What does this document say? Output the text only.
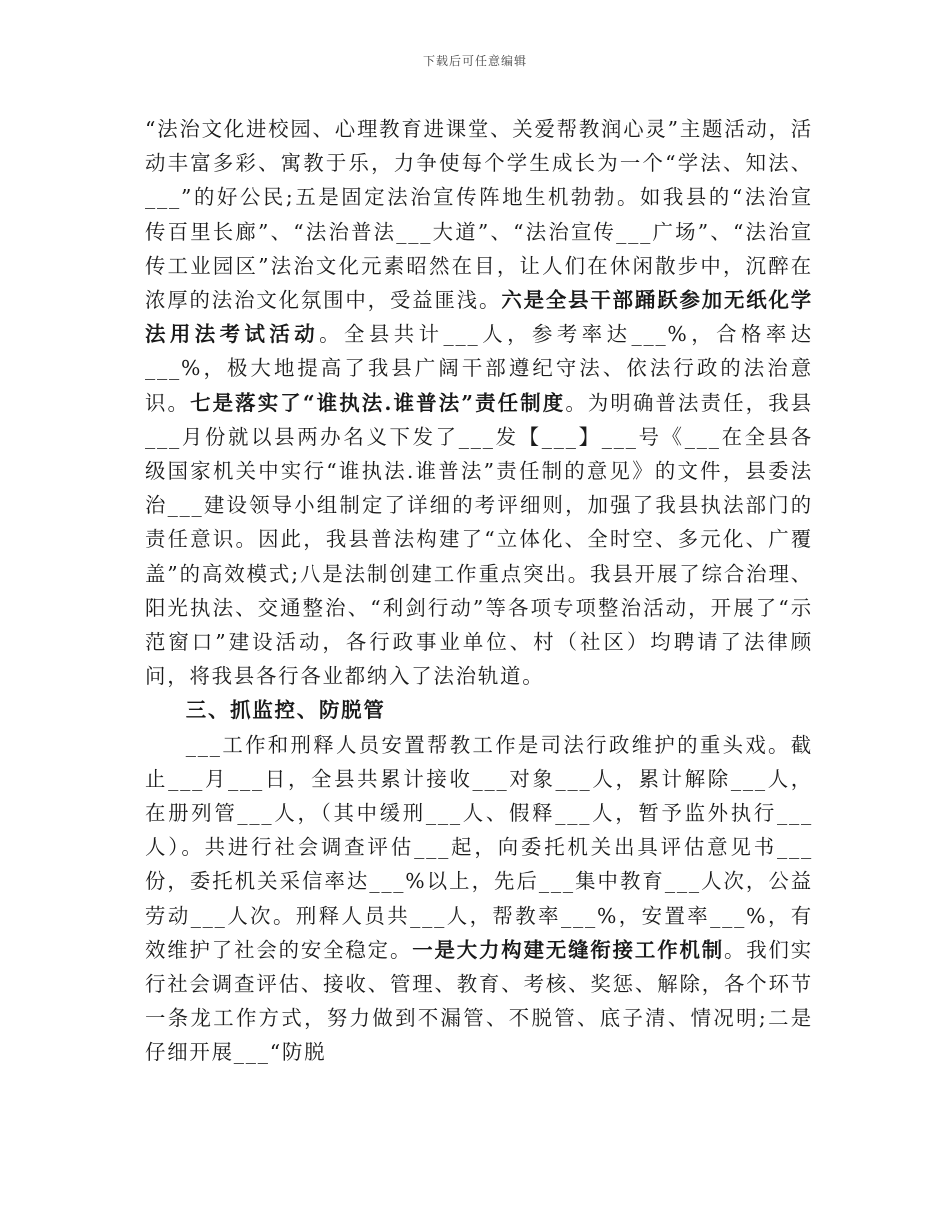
下载后可任意编辑

“法治文化进校园、心理教育进课堂、关爱帮教润心灵”主题活动，活动丰富多彩、寓教于乐，力争使每个学生成长为一个“学法、知法、___”的好公民;五是固定法治宣传阵地生机勃勃。如我县的“法治宣传百里长廊”、“法治普法___大道”、“法治宣传___广场”、“法治宣传工业园区”法治文化元素昭然在目，让人们在休闲散步中，沉醉在浓厚的法治文化氛围中，受益匪浅。六是全县干部踊跃参加无纸化学法用法考试活动。全县共计___人，参考率达___%，合格率达___%，极大地提高了我县广阔干部遵纪守法、依法行政的法治意识。七是落实了“谁执法.谁普法”责任制度。为明确普法责任，我县___月份就以县两办名义下发了___发【___】___号《___在全县各级国家机关中实行“谁执法.谁普法”责任制的意见》的文件，县委法治___建设领导小组制定了详细的考评细则，加强了我县执法部门的责任意识。因此，我县普法构建了“立体化、全时空、多元化、广覆盖”的高效模式;八是法制创建工作重点突出。我县开展了综合治理、阳光执法、交通整治、“利剑行动”等各项专项整治活动，开展了“示范窗口”建设活动，各行政事业单位、村（社区）均聘请了法律顾问，将我县各行各业都纳入了法治轨道。

三、抓监控、防脱管

___工作和刑释人员安置帮教工作是司法行政维护的重头戏。截止___月___日，全县共累计接收___对象___人，累计解除___人，在册列管___人，（其中缓刑___人、假释___人，暂予监外执行___人）。共进行社会调查评估___起，向委托机关出具评估意见书___份，委托机关采信率达___%以上，先后___集中教育___人次，公益劳动___人次。刑释人员共___人，帮教率___%，安置率___%，有效维护了社会的安全稳定。一是大力构建无缝衔接工作机制。我们实行社会调查评估、接收、管理、教育、考核、奖惩、解除，各个环节一条龙工作方式，努力做到不漏管、不脱管、底子清、情况明;二是仔细开展___“防脱
